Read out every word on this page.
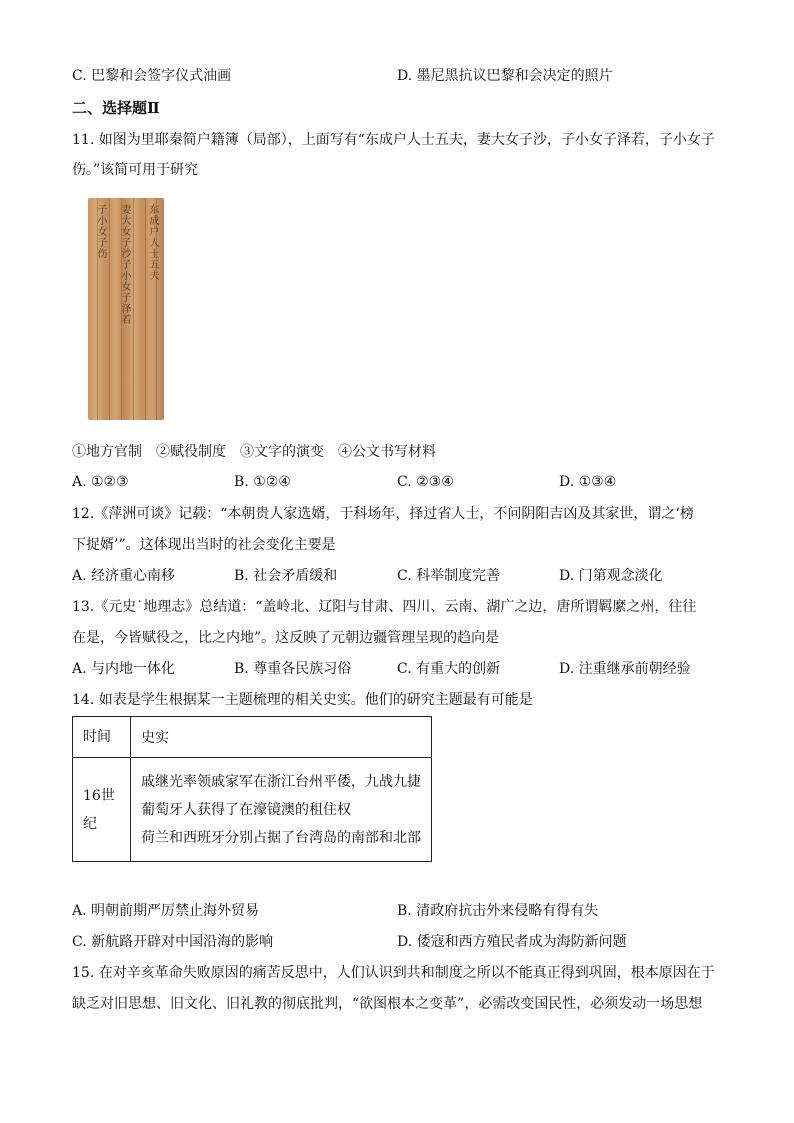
C. 巴黎和会签字仪式油画	D. 墨尼黑抗议巴黎和会决定的照片
二、选择题Ⅱ
11. 如图为里耶秦简户籍簿（局部），上面写有“东成户人士五夫，妻大女子沙，子小女子泽若，子小女子
伤。”该简可用于研究
东成户人士五夫
妻大女子沙子小女子泽若
子小女子伤
①地方官制　②赋役制度　③文字的演变　④公文书写材料
A. ①②③	B. ①②④	C. ②③④	D. ①③④
12.《萍洲可谈》记载：“本朝贵人家选婿，于科场年，择过省人士，不问阴阳吉凶及其家世，谓之‘榜
下捉婿’”。这体现出当时的社会变化主要是
A. 经济重心南移	B. 社会矛盾缓和	C. 科举制度完善	D. 门第观念淡化
13.《元史˙地理志》总结道：“盖岭北、辽阳与甘肃、四川、云南、湖广之边，唐所谓羁縻之州，往往
在是，今皆赋役之，比之内地”。这反映了元朝边疆管理呈现的趋向是
A. 与内地一体化	B. 尊重各民族习俗	C. 有重大的创新	D. 注重继承前朝经验
14. 如表是学生根据某一主题梳理的相关史实。他们的研究主题最有可能是
时间	史实
16世纪	戚继光率领戚家军在浙江台州平倭，九战九捷
葡萄牙人获得了在濠镜澳的租住权
荷兰和西班牙分别占据了台湾岛的南部和北部
A. 明朝前期严厉禁止海外贸易	B. 清政府抗击外来侵略有得有失
C. 新航路开辟对中国沿海的影响	D. 倭寇和西方殖民者成为海防新问题
15. 在对辛亥革命失败原因的痛苦反思中，人们认识到共和制度之所以不能真正得到巩固，根本原因在于
缺乏对旧思想、旧文化、旧礼教的彻底批判，“欲图根本之变革”，必需改变国民性，必须发动一场思想
